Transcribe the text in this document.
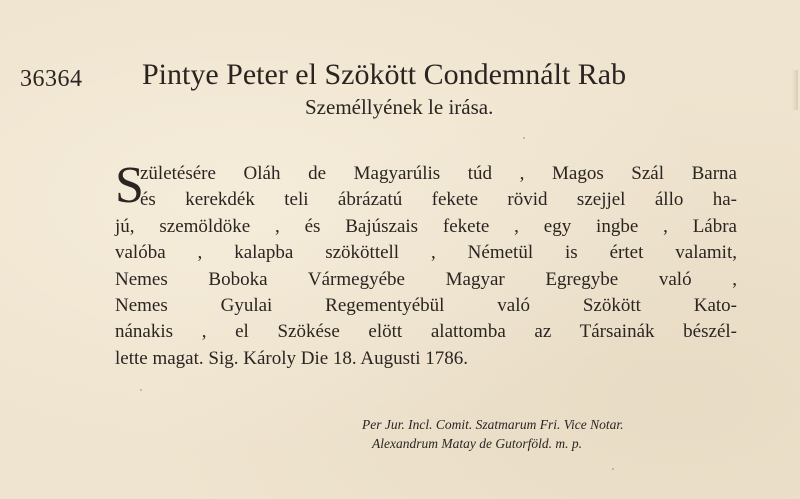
36364 Pintye Peter el Szökött Condemnált Rab
Személlyének le irása.
S
zületésére Oláh de Magyarúlis túd , Magos Szál Barna
és kerekdék teli ábrázatú fekete rövid szejjel állo ha-
jú, szemöldöke , és Bajúszais fekete , egy ingbe , Lábra
valóba , kalapba szököttell , Németül is értet valamit,
Nemes Boboka Vármegyébe Magyar Egregybe való ,
Nemes Gyulai Regementyébül való Szökött Kato-
nánakis , el Szökése elött alattomba az Társainák bészél-
lette magat. Sig. Károly Die 18. Augusti 1786.
Per Jur. Incl. Comit. Szatmarum Fri. Vice Notar.
Alexandrum Matay de Gutorföld. m. p.
